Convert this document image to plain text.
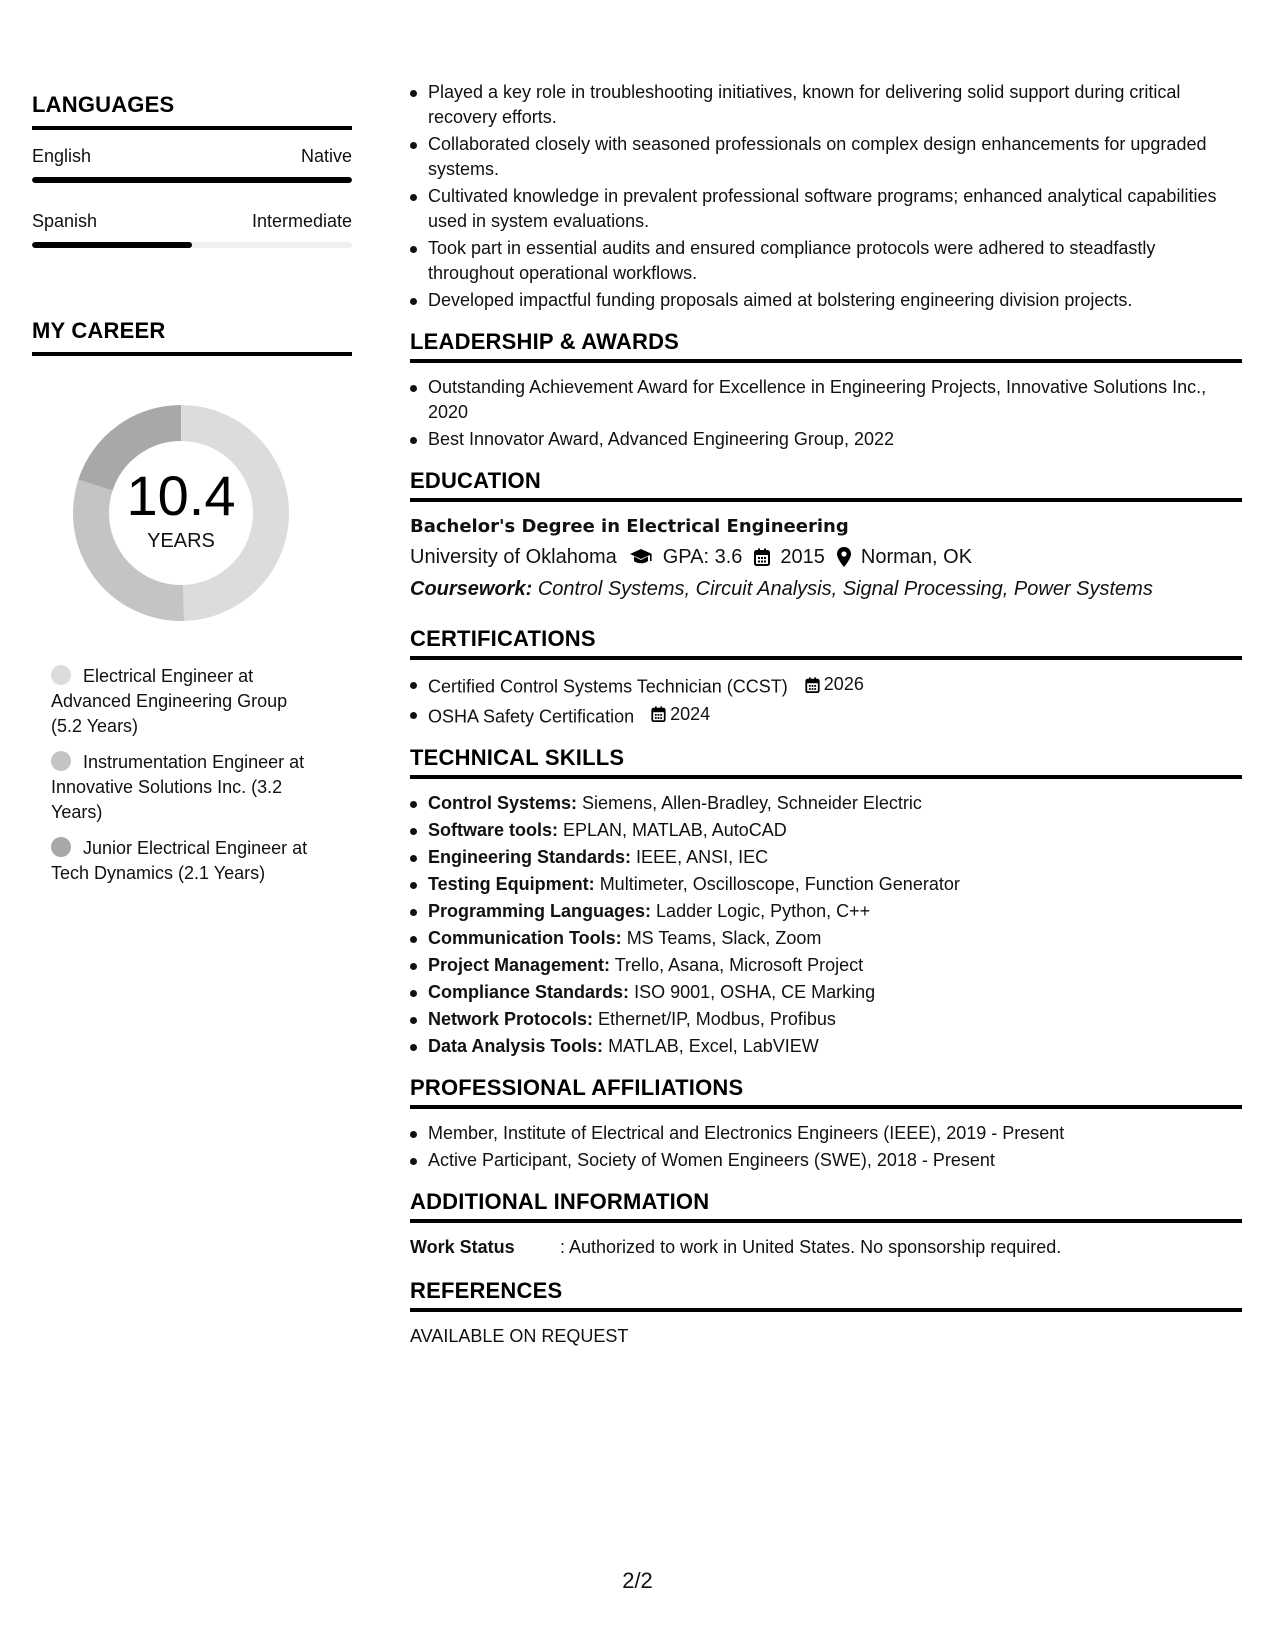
LANGUAGES
English	Native
Spanish	Intermediate
MY CAREER
10.4
YEARS
Electrical Engineer at Advanced Engineering Group (5.2 Years)
Instrumentation Engineer at Innovative Solutions Inc. (3.2 Years)
Junior Electrical Engineer at Tech Dynamics (2.1 Years)
Played a key role in troubleshooting initiatives, known for delivering solid support during critical recovery efforts.
Collaborated closely with seasoned professionals on complex design enhancements for upgraded systems.
Cultivated knowledge in prevalent professional software programs; enhanced analytical capabilities used in system evaluations.
Took part in essential audits and ensured compliance protocols were adhered to steadfastly throughout operational workflows.
Developed impactful funding proposals aimed at bolstering engineering division projects.
LEADERSHIP & AWARDS
Outstanding Achievement Award for Excellence in Engineering Projects, Innovative Solutions Inc., 2020
Best Innovator Award, Advanced Engineering Group, 2022
EDUCATION
Bachelor's Degree in Electrical Engineering
University of Oklahoma GPA: 3.6 2015 Norman, OK
Coursework: Control Systems, Circuit Analysis, Signal Processing, Power Systems
CERTIFICATIONS
Certified Control Systems Technician (CCST) 2026
OSHA Safety Certification 2024
TECHNICAL SKILLS
Control Systems: Siemens, Allen-Bradley, Schneider Electric
Software tools: EPLAN, MATLAB, AutoCAD
Engineering Standards: IEEE, ANSI, IEC
Testing Equipment: Multimeter, Oscilloscope, Function Generator
Programming Languages: Ladder Logic, Python, C++
Communication Tools: MS Teams, Slack, Zoom
Project Management: Trello, Asana, Microsoft Project
Compliance Standards: ISO 9001, OSHA, CE Marking
Network Protocols: Ethernet/IP, Modbus, Profibus
Data Analysis Tools: MATLAB, Excel, LabVIEW
PROFESSIONAL AFFILIATIONS
Member, Institute of Electrical and Electronics Engineers (IEEE), 2019 - Present
Active Participant, Society of Women Engineers (SWE), 2018 - Present
ADDITIONAL INFORMATION
Work Status	: Authorized to work in United States. No sponsorship required.
REFERENCES
AVAILABLE ON REQUEST
2/2
